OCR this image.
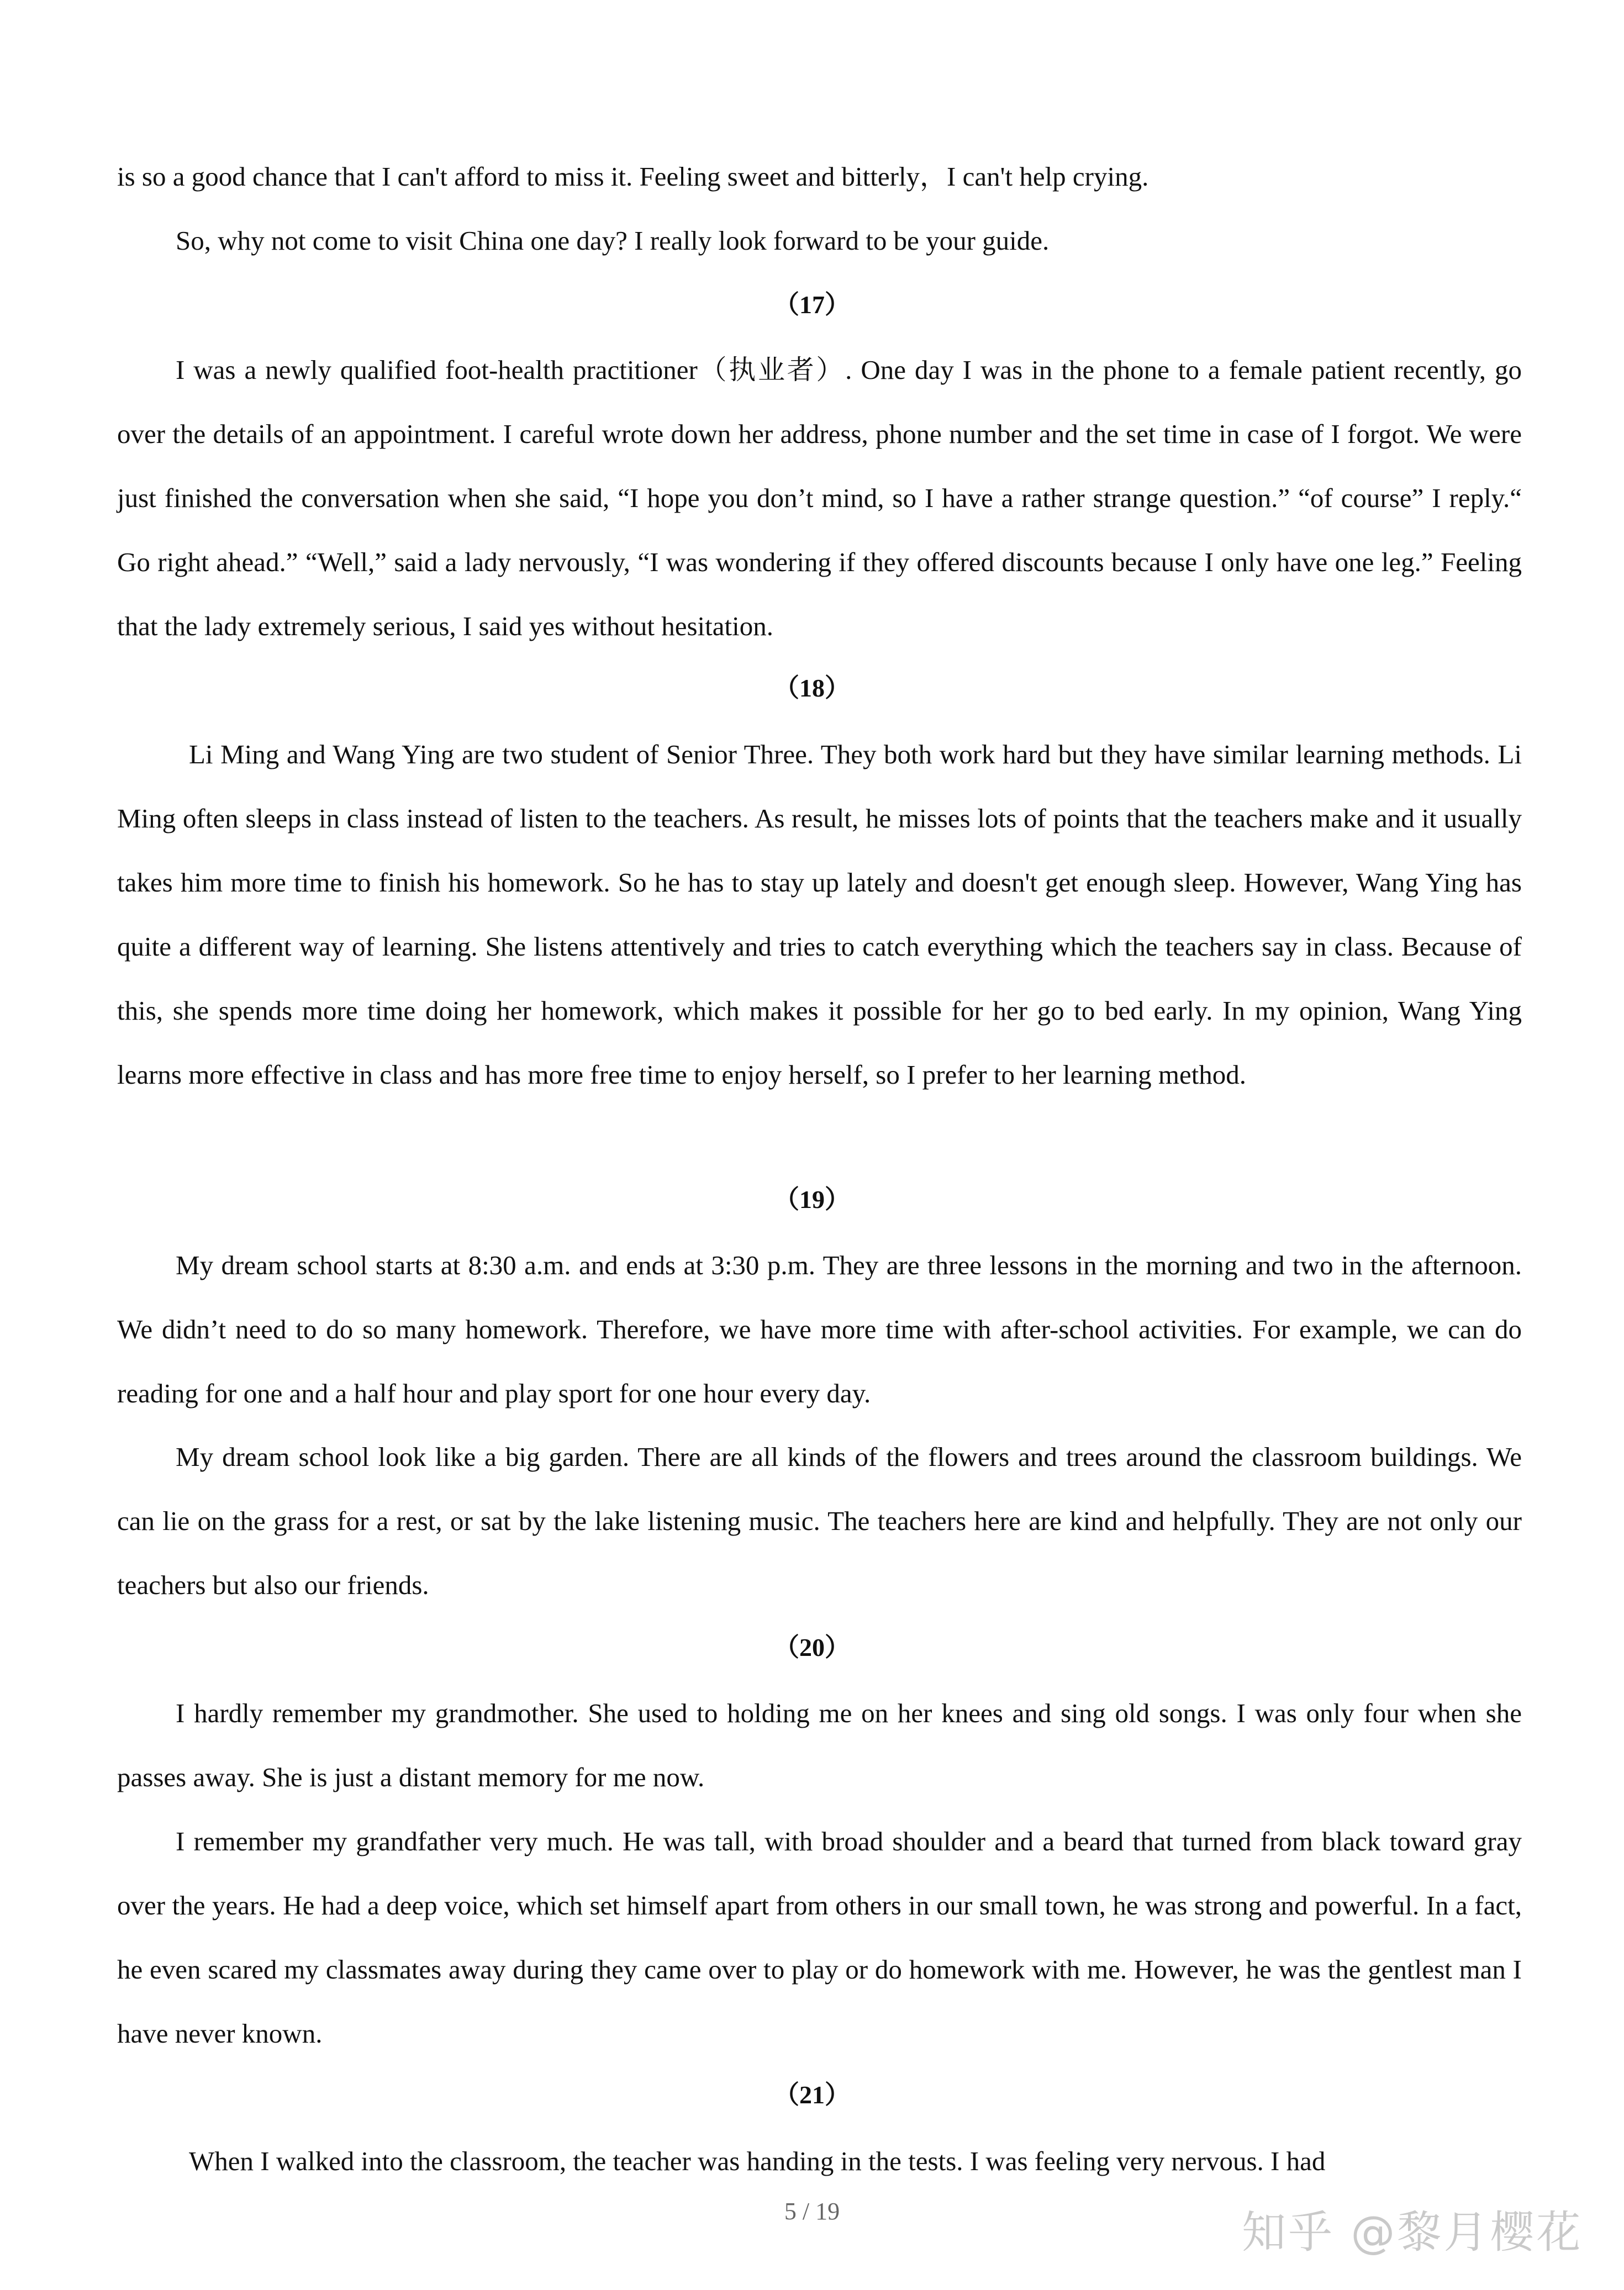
is so a good chance that I can't afford to miss it. Feeling sweet and bitterly，I can't help crying.

So, why not come to visit China one day? I really look forward to be your guide.

（17）

I was a newly qualified foot-health practitioner（执业者）. One day I was in the phone to a female patient recently, go over the details of an appointment. I careful wrote down her address, phone number and the set time in case of I forgot. We were just finished the conversation when she said, “I hope you don’t mind, so I have a rather strange question.” “of course” I reply.“ Go right ahead.” “Well,” said a lady nervously, “I was wondering if they offered discounts because I only have one leg.” Feeling that the lady extremely serious, I said yes without hesitation.

（18）

Li Ming and Wang Ying are two student of Senior Three. They both work hard but they have similar learning methods. Li Ming often sleeps in class instead of listen to the teachers. As result, he misses lots of points that the teachers make and it usually takes him more time to finish his homework. So he has to stay up lately and doesn't get enough sleep. However, Wang Ying has quite a different way of learning. She listens attentively and tries to catch everything which the teachers say in class. Because of this, she spends more time doing her homework, which makes it possible for her go to bed early. In my opinion, Wang Ying learns more effective in class and has more free time to enjoy herself, so I prefer to her learning method.

（19）

My dream school starts at 8:30 a.m. and ends at 3:30 p.m. They are three lessons in the morning and two in the afternoon. We didn’t need to do so many homework. Therefore, we have more time with after-school activities. For example, we can do reading for one and a half hour and play sport for one hour every day.

My dream school look like a big garden. There are all kinds of the flowers and trees around the classroom buildings. We can lie on the grass for a rest, or sat by the lake listening music. The teachers here are kind and helpfully. They are not only our teachers but also our friends.

（20）

I hardly remember my grandmother. She used to holding me on her knees and sing old songs. I was only four when she passes away. She is just a distant memory for me now.

I remember my grandfather very much. He was tall, with broad shoulder and a beard that turned from black toward gray over the years. He had a deep voice, which set himself apart from others in our small town, he was strong and powerful. In a fact, he even scared my classmates away during they came over to play or do homework with me. However, he was the gentlest man I have never known.

（21）

When I walked into the classroom, the teacher was handing in the tests. I was feeling very nervous. I had

5 / 19	知乎 @黎月樱花
